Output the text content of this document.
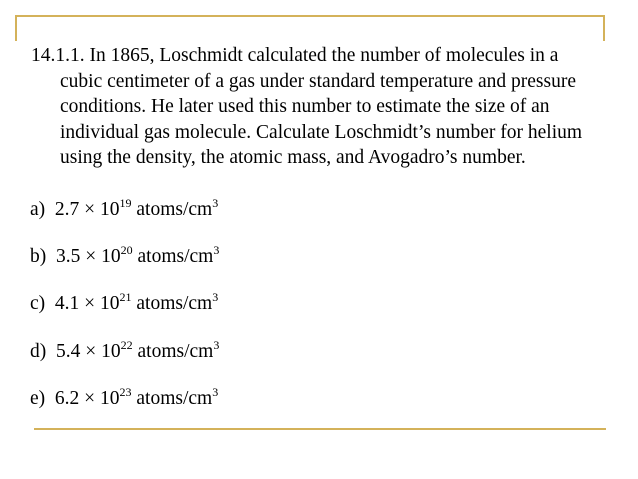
14.1.1. In 1865, Loschmidt calculated the number of molecules in a
cubic centimeter of a gas under standard temperature and pressure
conditions. He later used this number to estimate the size of an
individual gas molecule. Calculate Loschmidt’s number for helium
using the density, the atomic mass, and Avogadro’s number.
a) $2.7 \times 10^{19}$ atoms/$cm^3$
b) $3.5 \times 10^{20}$ atoms/$cm^3$
c) $4.1 \times 10^{21}$ atoms/$cm^3$
d) $5.4 \times 10^{22}$ atoms/$cm^3$
e) $6.2 \times 10^{23}$ atoms/$cm^3$
